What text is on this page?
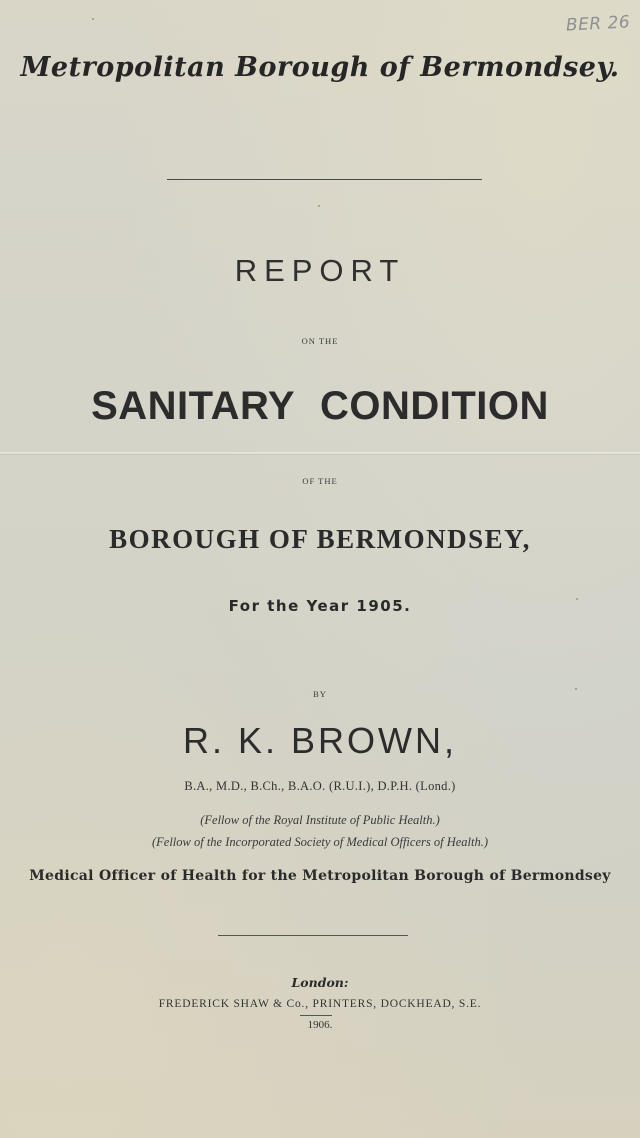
BER 26
Metropolitan Borough of Bermondsey.
REPORT
ON THE
SANITARY CONDITION
OF THE
BOROUGH OF BERMONDSEY,
For the Year 1905.
BY
R. K. BROWN,
B.A., M.D., B.Ch., B.A.O. (R.U.I.), D.P.H. (Lond.)
(Fellow of the Royal Institute of Public Health.)
(Fellow of the Incorporated Society of Medical Officers of Health.)
Medical Officer of Health for the Metropolitan Borough of Bermondsey
London:
FREDERICK SHAW & Co., PRINTERS, DOCKHEAD, S.E.
1906.
